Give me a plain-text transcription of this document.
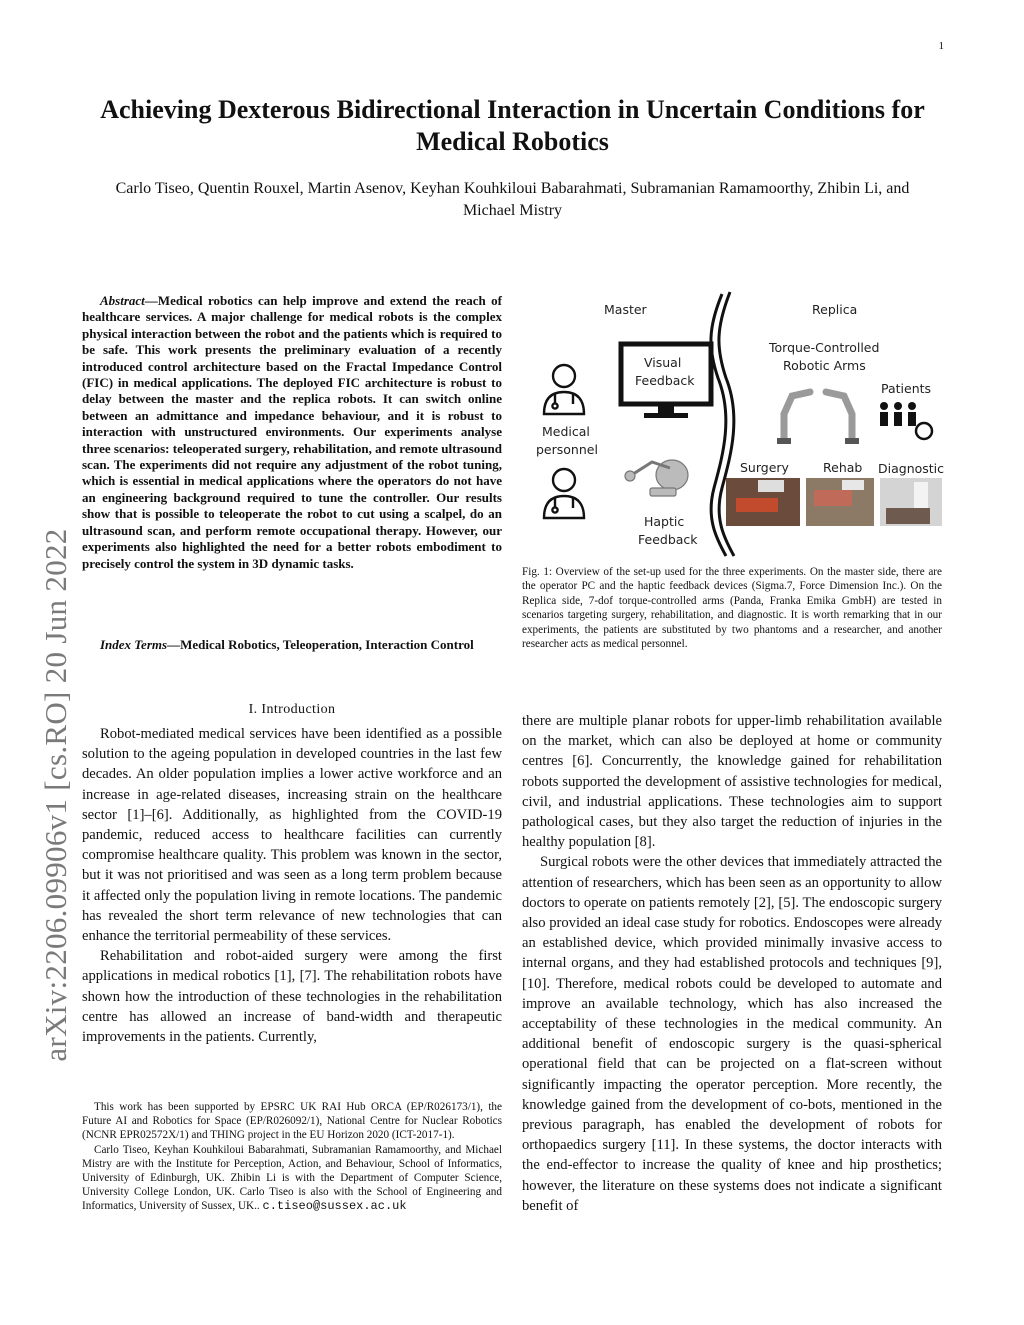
1
arXiv:2206.09906v1 [cs.RO] 20 Jun 2022
Achieving Dexterous Bidirectional Interaction in Uncertain Conditions for Medical Robotics
Carlo Tiseo, Quentin Rouxel, Martin Asenov, Keyhan Kouhkiloui Babarahmati, Subramanian Ramamoorthy, Zhibin Li, and Michael Mistry

Abstract—Medical robotics can help improve and extend the reach of healthcare services. A major challenge for medical robots is the complex physical interaction between the robot and the patients which is required to be safe. This work presents the preliminary evaluation of a recently introduced control architecture based on the Fractal Impedance Control (FIC) in medical applications. The deployed FIC architecture is robust to delay between the master and the replica robots. It can switch online between an admittance and impedance behaviour, and it is robust to interaction with unstructured environments. Our experiments analyse three scenarios: teleoperated surgery, rehabilitation, and remote ultrasound scan. The experiments did not require any adjustment of the robot tuning, which is essential in medical applications where the operators do not have an engineering background required to tune the controller. Our results show that is possible to teleoperate the robot to cut using a scalpel, do an ultrasound scan, and perform remote occupational therapy. However, our experiments also highlighted the need for a better robots embodiment to precisely control the system in 3D dynamic tasks.

Index Terms—Medical Robotics, Teleoperation, Interaction Control

I. Introduction

Robot-mediated medical services have been identified as a possible solution to the ageing population in developed countries in the last few decades. An older population implies a lower active workforce and an increase in age-related diseases, increasing strain on the healthcare sector [1]–[6]. Additionally, as highlighted from the COVID-19 pandemic, reduced access to healthcare facilities can currently compromise healthcare quality. This problem was known in the sector, but it was not prioritised and was seen as a long term problem because it affected only the population living in remote locations. The pandemic has revealed the short term relevance of new technologies that can enhance the territorial permeability of these services.

Rehabilitation and robot-aided surgery were among the first applications in medical robotics [1], [7]. The rehabilitation robots have shown how the introduction of these technologies in the rehabilitation centre has allowed an increase of band-width and therapeutic improvements in the patients. Currently,

This work has been supported by EPSRC UK RAI Hub ORCA (EP/R026173/1), the Future AI and Robotics for Space (EP/R026092/1), National Centre for Nuclear Robotics (NCNR EPR02572X/1) and THING project in the EU Horizon 2020 (ICT-2017-1).

Carlo Tiseo, Keyhan Kouhkiloui Babarahmati, Subramanian Ramamoorthy, and Michael Mistry are with the Institute for Perception, Action, and Behaviour, School of Informatics, University of Edinburgh, UK. Zhibin Li is with the Department of Computer Science, University College London, UK. Carlo Tiseo is also with the School of Engineering and Informatics, University of Sussex, UK.. c.tiseo@sussex.ac.uk

Master	Replica
Medical
personnel
Visual
Feedback
Haptic
Feedback
Torque-Controlled
Robotic Arms
Patients
Surgery	Rehab Diagnostic
Fig. 1: Overview of the set-up used for the three experiments. On the master side, there are the operator PC and the haptic feedback devices (Sigma.7, Force Dimension Inc.). On the Replica side, 7-dof torque-controlled arms (Panda, Franka Emika GmbH) are tested in scenarios targeting surgery, rehabilitation, and diagnostic. It is worth remarking that in our experiments, the patients are substituted by two phantoms and a researcher, and another researcher acts as medical personnel.

there are multiple planar robots for upper-limb rehabilitation available on the market, which can also be deployed at home or community centres [6]. Concurrently, the knowledge gained for rehabilitation robots supported the development of assistive technologies for medical, civil, and industrial applications. These technologies aim to support pathological cases, but they also target the reduction of injuries in the healthy population [8].

Surgical robots were the other devices that immediately attracted the attention of researchers, which has been seen as an opportunity to allow doctors to operate on patients remotely [2], [5]. The endoscopic surgery also provided an ideal case study for robotics. Endoscopes were already an established device, which provided minimally invasive access to internal organs, and they had established protocols and techniques [9], [10]. Therefore, medical robots could be developed to automate and improve an available technology, which has also increased the acceptability of these technologies in the medical community. An additional benefit of endoscopic surgery is the quasi-spherical operational field that can be projected on a flat-screen without significantly impacting the operator perception. More recently, the knowledge gained from the development of co-bots, mentioned in the previous paragraph, has enabled the development of robots for orthopaedics surgery [11]. In these systems, the doctor interacts with the end-effector to increase the quality of knee and hip prosthetics; however, the literature on these systems does not indicate a significant benefit of
